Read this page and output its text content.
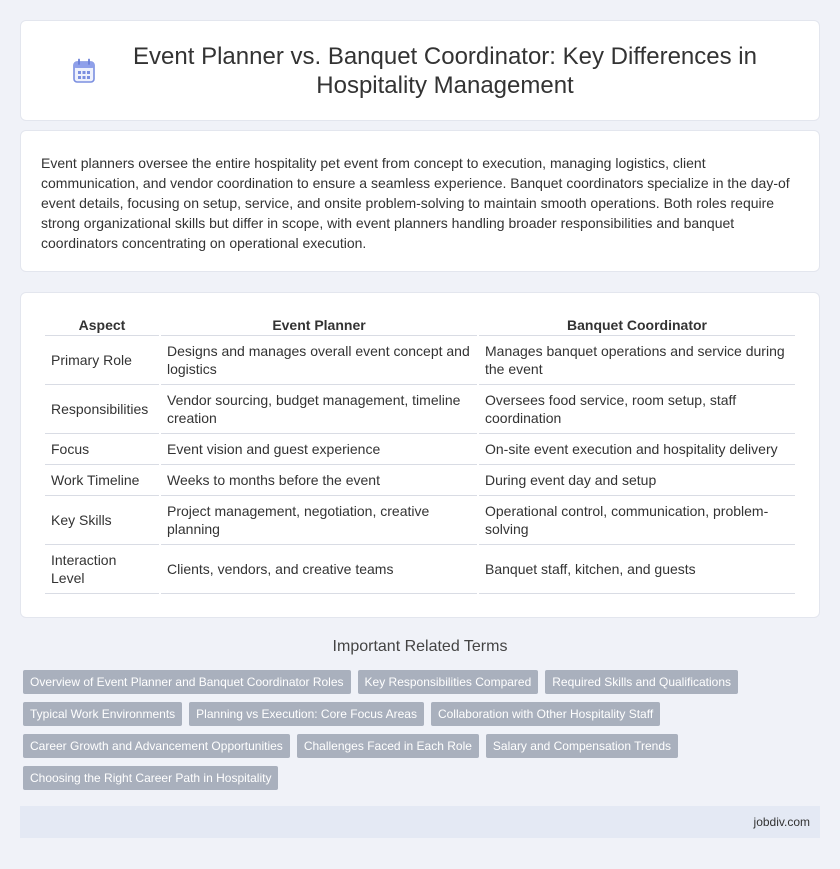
Event Planner vs. Banquet Coordinator: Key Differences in Hospitality Management

Event planners oversee the entire hospitality pet event from concept to execution, managing logistics, client communication, and vendor coordination to ensure a seamless experience. Banquet coordinators specialize in the day-of event details, focusing on setup, service, and onsite problem-solving to maintain smooth operations. Both roles require strong organizational skills but differ in scope, with event planners handling broader responsibilities and banquet coordinators concentrating on operational execution.

Aspect	Event Planner	Banquet Coordinator
Primary Role	Designs and manages overall event concept and logistics	Manages banquet operations and service during the event
Responsibilities	Vendor sourcing, budget management, timeline creation	Oversees food service, room setup, staff coordination
Focus	Event vision and guest experience	On-site event execution and hospitality delivery
Work Timeline	Weeks to months before the event	During event day and setup
Key Skills	Project management, negotiation, creative planning	Operational control, communication, problem-solving
Interaction Level	Clients, vendors, and creative teams	Banquet staff, kitchen, and guests
Important Related Terms
Overview of Event Planner and Banquet Coordinator Roles	Key Responsibilities Compared	Required Skills and Qualifications
Typical Work Environments	Planning vs Execution: Core Focus Areas	Collaboration with Other Hospitality Staff
Career Growth and Advancement Opportunities	Challenges Faced in Each Role	Salary and Compensation Trends
Choosing the Right Career Path in Hospitality
jobdiv.com
